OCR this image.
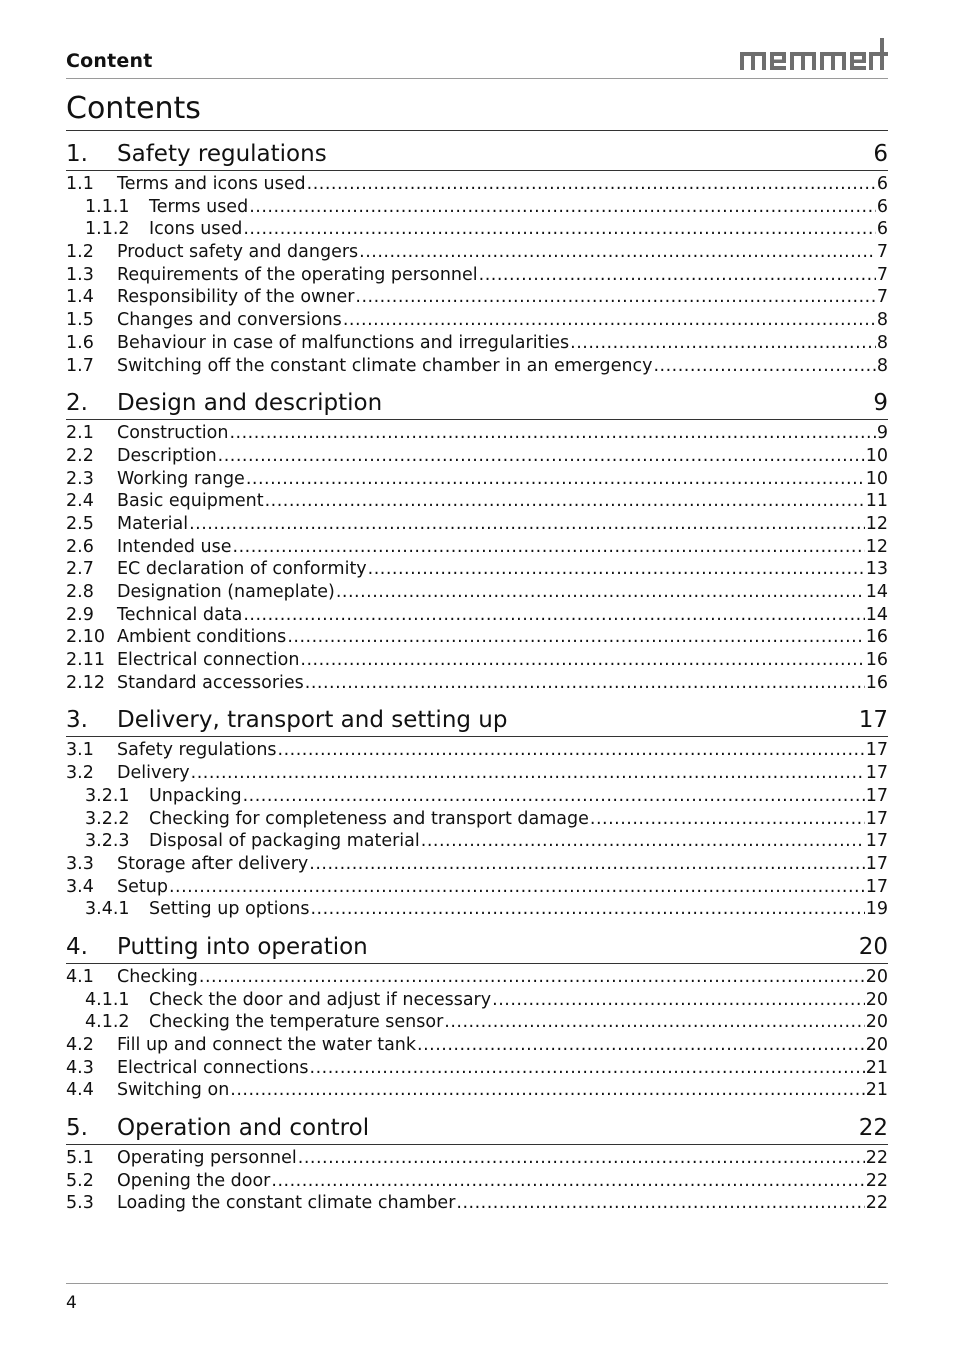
Content
Contents
1.	Safety regulations	6
1.1	Terms and icons used .....	6
1.1.1	Terms used .....	6
1.1.2	Icons used .....	6
1.2	Product safety and dangers .....	7
1.3	Requirements of the operating personnel .....	7
1.4	Responsibility of the owner .....	7
1.5	Changes and conversions .....	8
1.6	Behaviour in case of malfunctions and irregularities .....	8
1.7	Switching off the constant climate chamber in an emergency .....	8
2.	Design and description	9
2.1	Construction .....	9
2.2	Description .....	10
2.3	Working range .....	10
2.4	Basic equipment .....	11
2.5	Material .....	12
2.6	Intended use .....	12
2.7	EC declaration of conformity .....	13
2.8	Designation (nameplate) .....	14
2.9	Technical data .....	14
2.10 Ambient conditions .....	16
2.11 Electrical connection .....	16
2.12 Standard accessories .....	16
3.	Delivery, transport and setting up	17
3.1	Safety regulations .....	17
3.2	Delivery .....	17
3.2.1	Unpacking .....	17
3.2.2	Checking for completeness and transport damage .....	17
3.2.3	Disposal of packaging material .....	17
3.3	Storage after delivery .....	17
3.4	Setup .....	17
3.4.1	Setting up options .....	19
4.	Putting into operation	20
4.1	Checking .....	20
4.1.1	Check the door and adjust if necessary .....	20
4.1.2	Checking the temperature sensor .....	20
4.2	Fill up and connect the water tank .....	20
4.3	Electrical connections .....	21
4.4	Switching on .....	21
5.	Operation and control	22
5.1	Operating personnel .....	22
5.2	Opening the door .....	22
5.3	Loading the constant climate chamber .....	22
4
